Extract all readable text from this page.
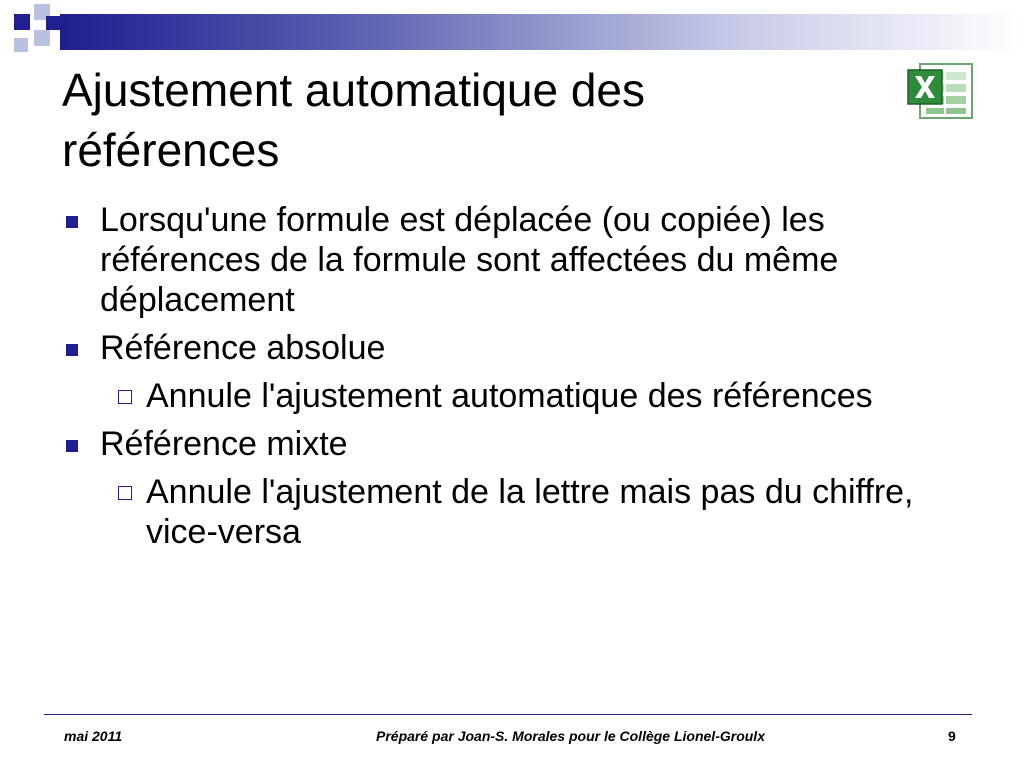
Ajustement automatique des références
Lorsqu'une formule est déplacée (ou copiée) les références de la formule sont affectées du même déplacement
Référence absolue
Annule l'ajustement automatique des références
Référence mixte
Annule l'ajustement de la lettre mais pas du chiffre, vice-versa
mai 2011	Préparé par Joan-S. Morales pour le Collège Lionel-Groulx	9
